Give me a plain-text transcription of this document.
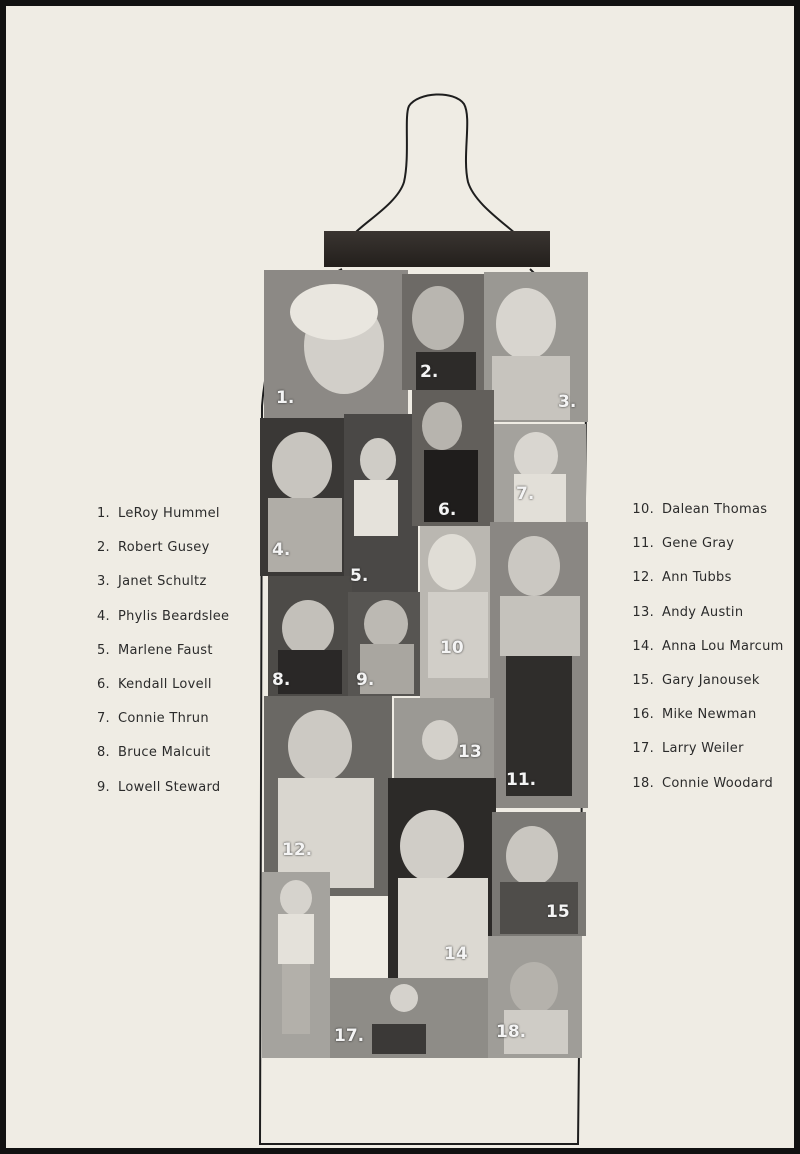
1.
2.
3.
4.
5.
6.
7.
8.	9.
10
11.
12.
13
14
15
17.	18.
1. LeRoy Hummel
2. Robert Gusey
3. Janet Schultz
4. Phylis Beardslee
5. Marlene Faust
6. Kendall Lovell
7. Connie Thrun
8. Bruce Malcuit
9. Lowell Steward
10. Dalean Thomas
11. Gene Gray
12. Ann Tubbs
13. Andy Austin
14. Anna Lou Marcum
15. Gary Janousek
16. Mike Newman
17. Larry Weiler
18. Connie Woodard
